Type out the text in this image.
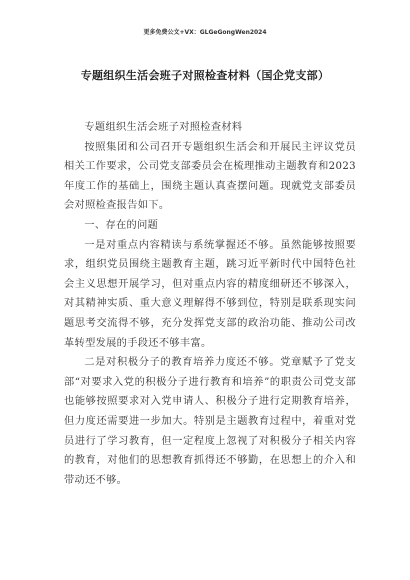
更多免费公文+VX：GLGeGongWen2024
专题组织生活会班子对照检查材料（国企党支部）

专题组织生活会班子对照检查材料

按照集团和公司召开专题组织生活会和开展民主评议党员相关工作要求，公司党支部委员会在梳理推动主题教育和2023年度工作的基础上，围绕主题认真查摆问题。现就党支部委员会对照检查报告如下。

一、存在的问题

一是对重点内容精读与系统掌握还不够。虽然能够按照要求，组织党员围绕主题教育主题，跳习近平新时代中国特色社会主义思想开展学习，但对重点内容的精度细研还不够深入，对其精神实质、重大意义理解得不够到位，特别是联系现实问题思考交流得不够，充分发挥党支部的政治功能、推动公司改革转型发展的手段还不够丰富。

二是对积极分子的教育培养力度还不够。党章赋予了党支部“对要求入党的积极分子进行教育和培养”的职责公司党支部也能够按照要求对入党申请人、积极分子进行定期教育培养，但力度还需要进一步加大。特别是主题教育过程中，着重对党员进行了学习教育，但一定程度上忽视了对积极分子相关内容的教育，对他们的思想教育抓得还不够勤，在思想上的介入和带动还不够。
